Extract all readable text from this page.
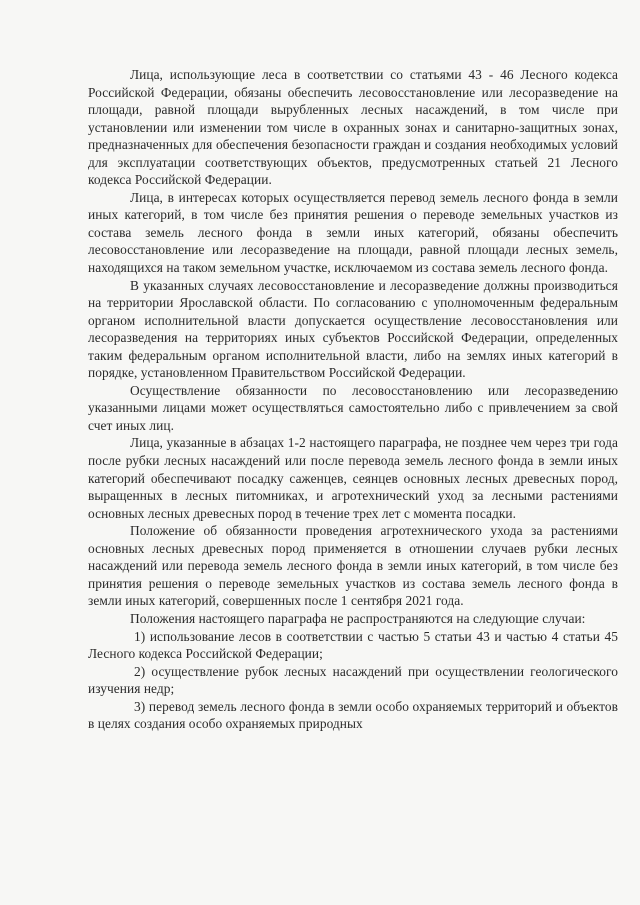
Лица, использующие леса в соответствии со статьями 43 - 46 Лесного кодекса Российской Федерации, обязаны обеспечить лесовосстановление или лесоразведение на площади, равной площади вырубленных лесных насаждений, в том числе при установлении или изменении том числе в охранных зонах и санитарно-защитных зонах, предназначенных для обеспечения безопасности граждан и создания необходимых условий для эксплуатации соответствующих объектов, предусмотренных статьей 21 Лесного кодекса Российской Федерации.

Лица, в интересах которых осуществляется перевод земель лесного фонда в земли иных категорий, в том числе без принятия решения о переводе земельных участков из состава земель лесного фонда в земли иных категорий, обязаны обеспечить лесовосстановление или лесоразведение на площади, равной площади лесных земель, находящихся на таком земельном участке, исключаемом из состава земель лесного фонда.

В указанных случаях лесовосстановление и лесоразведение должны производиться на территории Ярославской области. По согласованию с уполномоченным федеральным органом исполнительной власти допускается осуществление лесовосстановления или лесоразведения на территориях иных субъектов Российской Федерации, определенных таким федеральным органом исполнительной власти, либо на землях иных категорий в порядке, установленном Правительством Российской Федерации.

Осуществление обязанности по лесовосстановлению или лесоразведению указанными лицами может осуществляться самостоятельно либо с привлечением за свой счет иных лиц.

Лица, указанные в абзацах 1-2 настоящего параграфа, не позднее чем через три года после рубки лесных насаждений или после перевода земель лесного фонда в земли иных категорий обеспечивают посадку саженцев, сеянцев основных лесных древесных пород, выращенных в лесных питомниках, и агротехнический уход за лесными растениями основных лесных древесных пород в течение трех лет с момента посадки.

Положение об обязанности проведения агротехнического ухода за растениями основных лесных древесных пород применяется в отношении случаев рубки лесных насаждений или перевода земель лесного фонда в земли иных категорий, в том числе без принятия решения о переводе земельных участков из состава земель лесного фонда в земли иных категорий, совершенных после 1 сентября 2021 года.

Положения настоящего параграфа не распространяются на следующие случаи:

1) использование лесов в соответствии с частью 5 статьи 43 и частью 4 статьи 45 Лесного кодекса Российской Федерации;

2) осуществление рубок лесных насаждений при осуществлении геологического изучения недр;

3) перевод земель лесного фонда в земли особо охраняемых территорий и объектов в целях создания особо охраняемых природных
